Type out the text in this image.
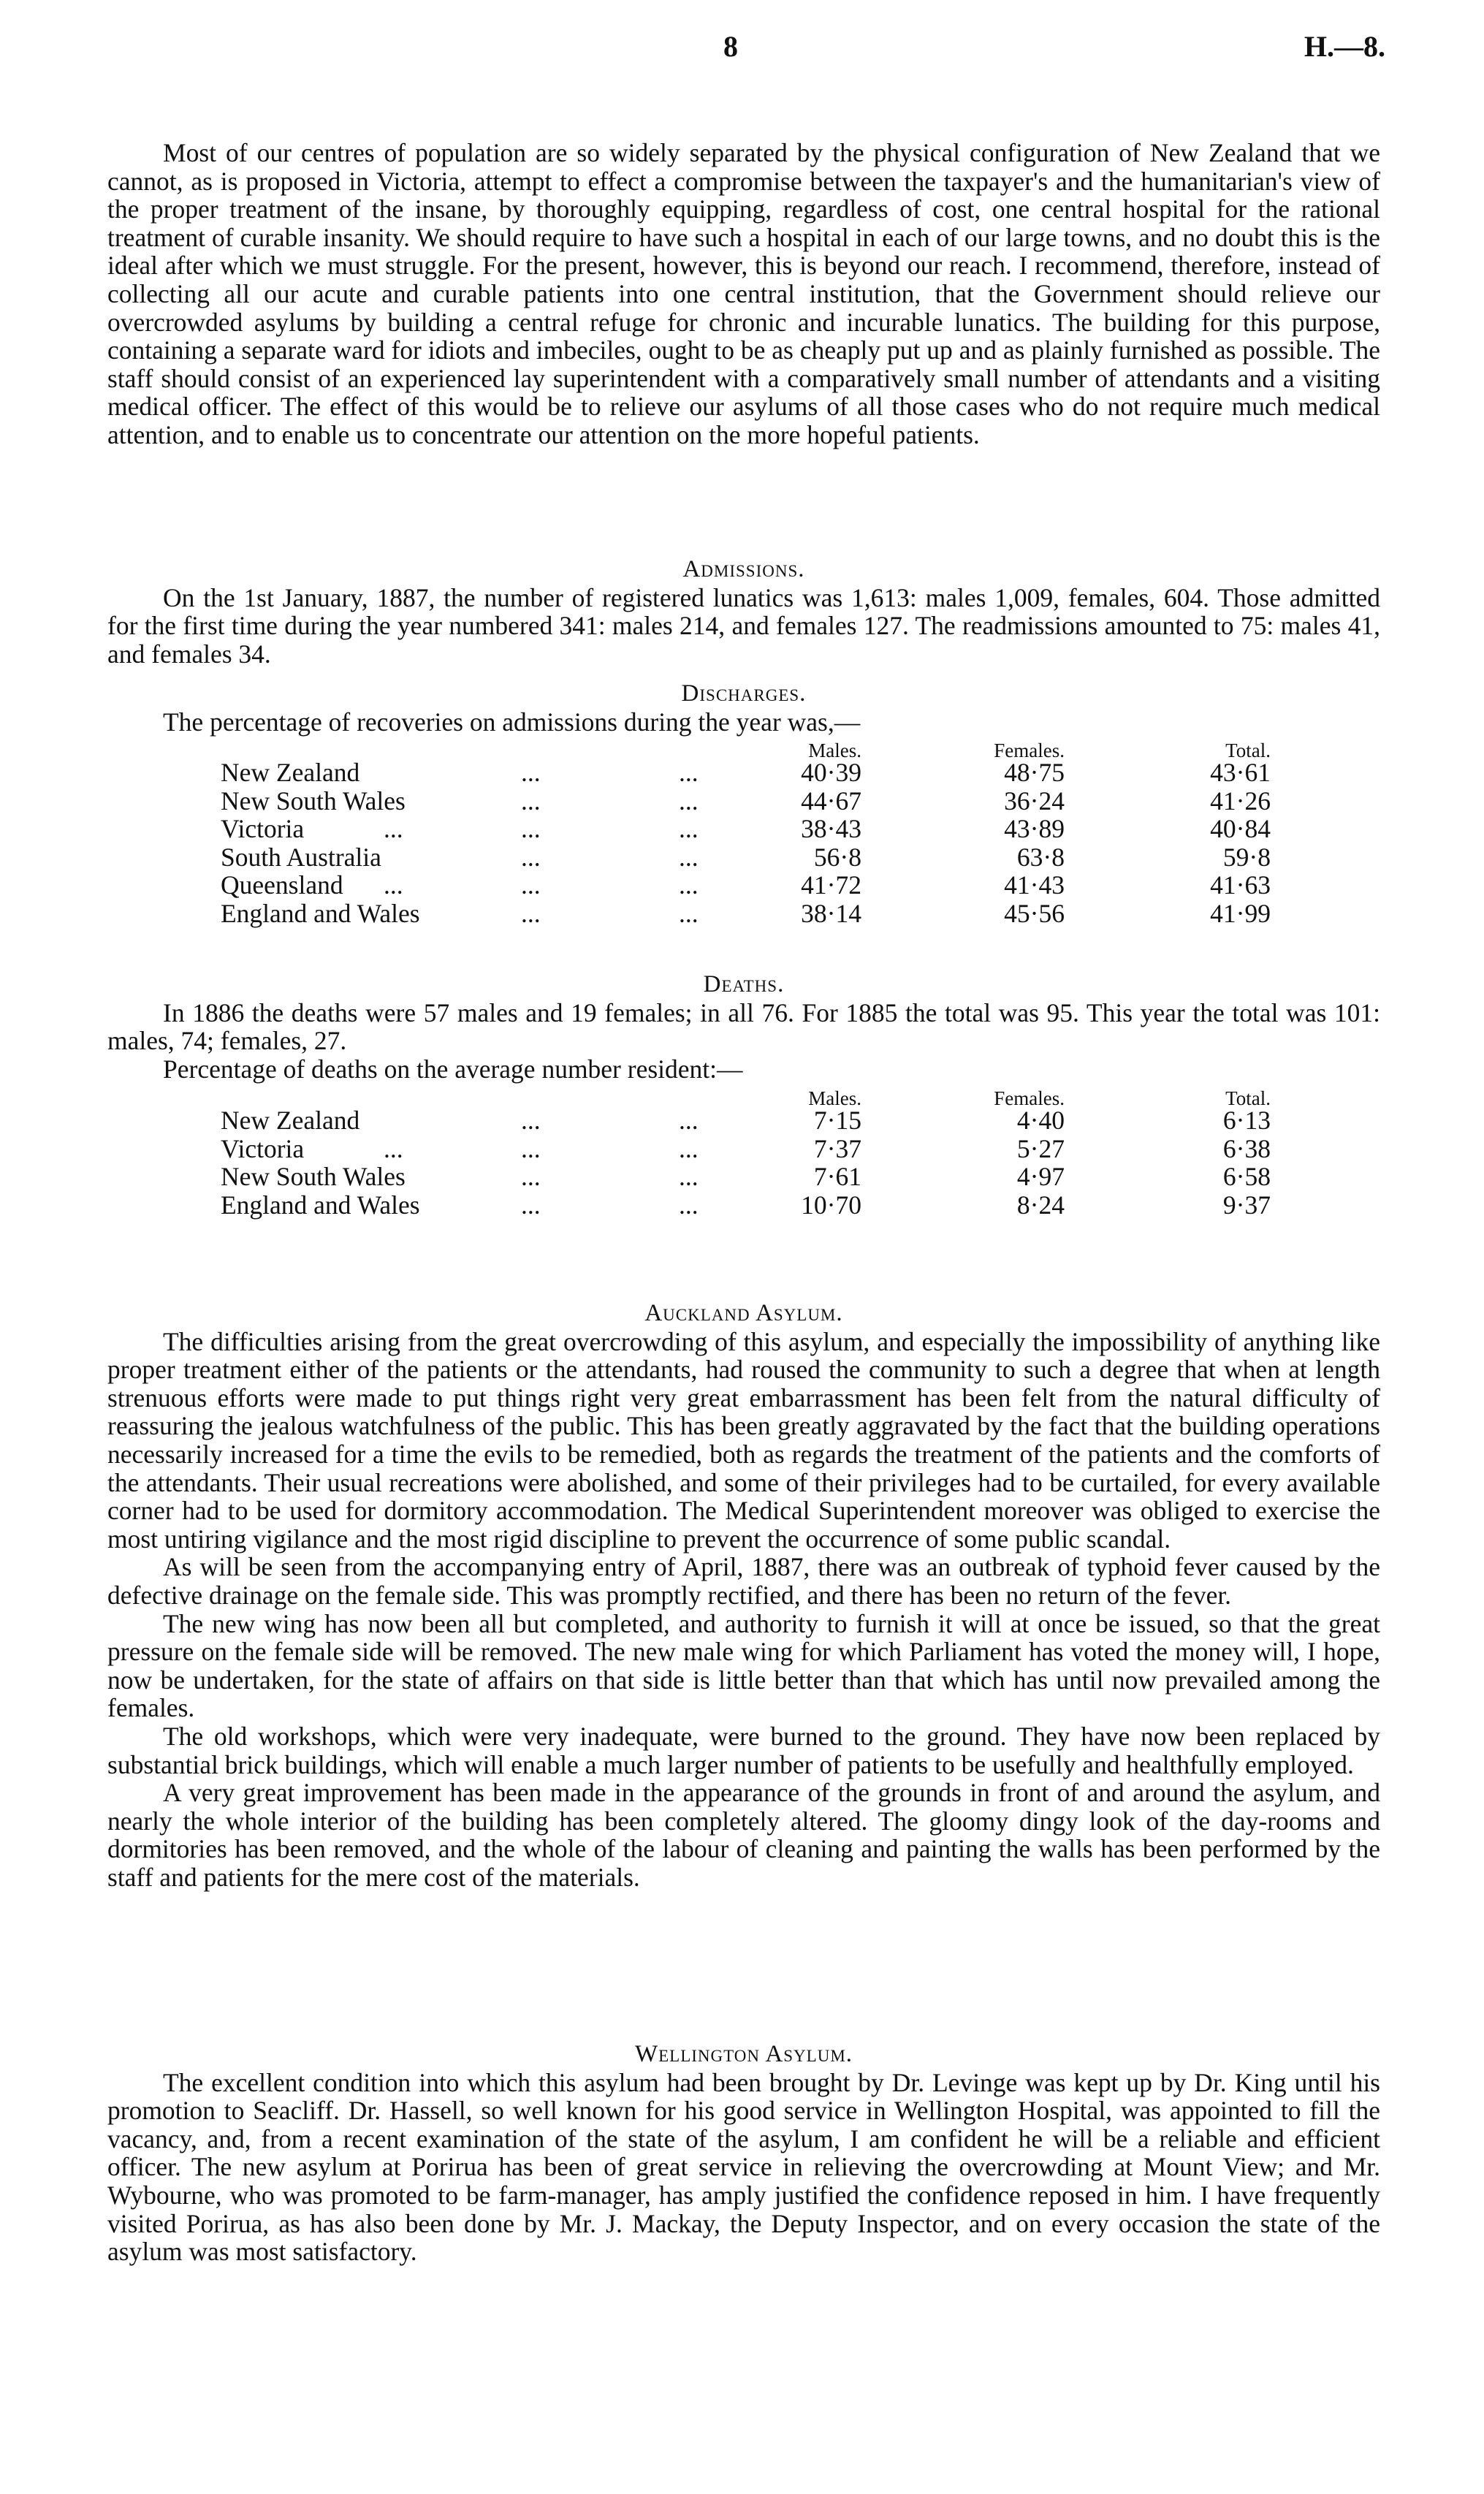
8	H.—8.

Most of our centres of population are so widely separated by the physical configuration of New Zealand that we cannot, as is proposed in Victoria, attempt to effect a compromise between the taxpayer's and the humanitarian's view of the proper treatment of the insane, by thoroughly equipping, regardless of cost, one central hospital for the rational treatment of curable insanity. We should require to have such a hospital in each of our large towns, and no doubt this is the ideal after which we must struggle. For the present, however, this is beyond our reach. I recommend, therefore, instead of collecting all our acute and curable patients into one central institution, that the Government should relieve our overcrowded asylums by building a central refuge for chronic and incurable lunatics. The building for this purpose, containing a separate ward for idiots and imbeciles, ought to be as cheaply put up and as plainly furnished as possible. The staff should consist of an experienced lay superintendent with a comparatively small number of attendants and a visiting medical officer. The effect of this would be to relieve our asylums of all those cases who do not require much medical attention, and to enable us to concentrate our attention on the more hopeful patients.

Admissions.

On the 1st January, 1887, the number of registered lunatics was 1,613: males 1,009, females, 604. Those admitted for the first time during the year numbered 341: males 214, and females 127. The readmissions amounted to 75: males 41, and females 34.

Discharges.

The percentage of recoveries on admissions during the year was,—

Males.	Females.	Total.
New Zealand	...	...	40·39	48·75	43·61
New South Wales	...	...	44·67	36·24	41·26
Victoria	...	...	...	38·43	43·89	40·84
South Australia	...	...	56·8	63·8	59·8
Queensland ...	...	...	41·72	41·43	41·63
England and Wales	...	...	38·14	45·56	41·99

Deaths.

In 1886 the deaths were 57 males and 19 females; in all 76. For 1885 the total was 95. This year the total was 101: males, 74; females, 27.

Percentage of deaths on the average number resident:—

Males.	Females.	Total.
New Zealand	...	...	7·15	4·40	6·13
Victoria	...	...	...	7·37	5·27	6·38
New South Wales	...	...	7·61	4·97	6·58
England and Wales	...	...	10·70	8·24	9·37

Auckland Asylum.

The difficulties arising from the great overcrowding of this asylum, and especially the impossibility of anything like proper treatment either of the patients or the attendants, had roused the community to such a degree that when at length strenuous efforts were made to put things right very great embarrassment has been felt from the natural difficulty of reassuring the jealous watchfulness of the public. This has been greatly aggravated by the fact that the building operations necessarily increased for a time the evils to be remedied, both as regards the treatment of the patients and the comforts of the attendants. Their usual recreations were abolished, and some of their privileges had to be curtailed, for every available corner had to be used for dormitory accommodation. The Medical Superintendent moreover was obliged to exercise the most untiring vigilance and the most rigid discipline to prevent the occurrence of some public scandal.

As will be seen from the accompanying entry of April, 1887, there was an outbreak of typhoid fever caused by the defective drainage on the female side. This was promptly rectified, and there has been no return of the fever.

The new wing has now been all but completed, and authority to furnish it will at once be issued, so that the great pressure on the female side will be removed. The new male wing for which Parliament has voted the money will, I hope, now be undertaken, for the state of affairs on that side is little better than that which has until now prevailed among the females.

The old workshops, which were very inadequate, were burned to the ground. They have now been replaced by substantial brick buildings, which will enable a much larger number of patients to be usefully and healthfully employed.

A very great improvement has been made in the appearance of the grounds in front of and around the asylum, and nearly the whole interior of the building has been completely altered. The gloomy dingy look of the day-rooms and dormitories has been removed, and the whole of the labour of cleaning and painting the walls has been performed by the staff and patients for the mere cost of the materials.

Wellington Asylum.

The excellent condition into which this asylum had been brought by Dr. Levinge was kept up by Dr. King until his promotion to Seacliff. Dr. Hassell, so well known for his good service in Wellington Hospital, was appointed to fill the vacancy, and, from a recent examination of the state of the asylum, I am confident he will be a reliable and efficient officer. The new asylum at Porirua has been of great service in relieving the overcrowding at Mount View; and Mr. Wybourne, who was promoted to be farm-manager, has amply justified the confidence reposed in him. I have frequently visited Porirua, as has also been done by Mr. J. Mackay, the Deputy Inspector, and on every occasion the state of the asylum was most satisfactory.
